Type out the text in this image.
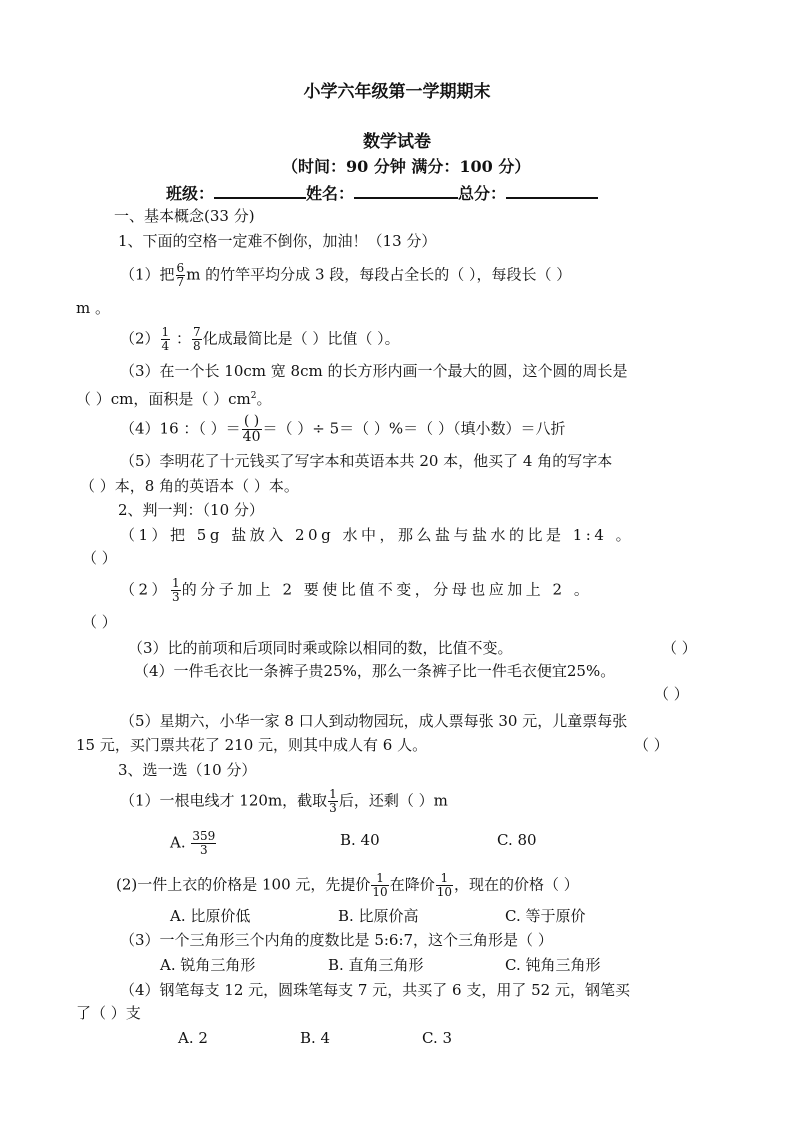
小学六年级第一学期期末
数学试卷
（时间：90 分钟 满分：100 分）
班级：	姓名：	总分：
一、基本概念(33 分)
1、下面的空格一定难不倒你，加油！（13 分）
（1）把 $\frac{6}{7}$ m 的竹竿平均分成 3 段，每段占全长的（ ），每段长（ ）
m 。
$(2) \frac{1}{4}$ ： $\frac{7}{8}$ 化成最简比是（ ）比值（ ）。
（3）在一个长 10cm 宽 8cm 的长方形内画一个最大的圆，这个圆的周长是
（ ）cm，面积是（ ）$cm^2$。
（4）16 ：（ ）＝ $\frac{( )}{40}$ ＝（ ）÷ 5＝（ ）%＝（ ）（填小数）＝八折
（5）李明花了十元钱买了写字本和英语本共 20 本，他买了 4 角的写字本
（ ）本，8 角的英语本（ ）本。
2、判一判：（10 分）
（1）把 5g 盐放入 20g 水中，那么盐与盐水的比是 1:4 。
（ ）
$(2) \frac{1}{3}$ 的分子加上 2 要使比值不变，分母也应加上 2 。
（ ）
（3）比的前项和后项同时乘或除以相同的数，比值不变。	（ ）
（4）一件毛衣比一条裤子贵25%，那么一条裤子比一件毛衣便宜25%。
（ ）
（5）星期六，小华一家 8 口人到动物园玩，成人票每张 30 元，儿童票每张
15 元，买门票共花了 210 元，则其中成人有 6 人。	（ ）
3、选一选（10 分）
（1）一根电线才 120m，截取 $\frac{1}{3}$ 后，还剩（ ）m
A. $\frac{359}{3}$	B. 40	C. 80
(2)一件上衣的价格是 100 元，先提价 $\frac{1}{10}$ 在降价 $\frac{1}{10}$ ，现在的价格（ ）
A. 比原价低	B. 比原价高	C. 等于原价
（3）一个三角形三个内角的度数比是 5:6:7，这个三角形是（ ）
A. 锐角三角形	B. 直角三角形	C. 钝角三角形
（4）钢笔每支 12 元，圆珠笔每支 7 元，共买了 6 支，用了 52 元，钢笔买
了（ ）支
A. 2	B. 4	C. 3
